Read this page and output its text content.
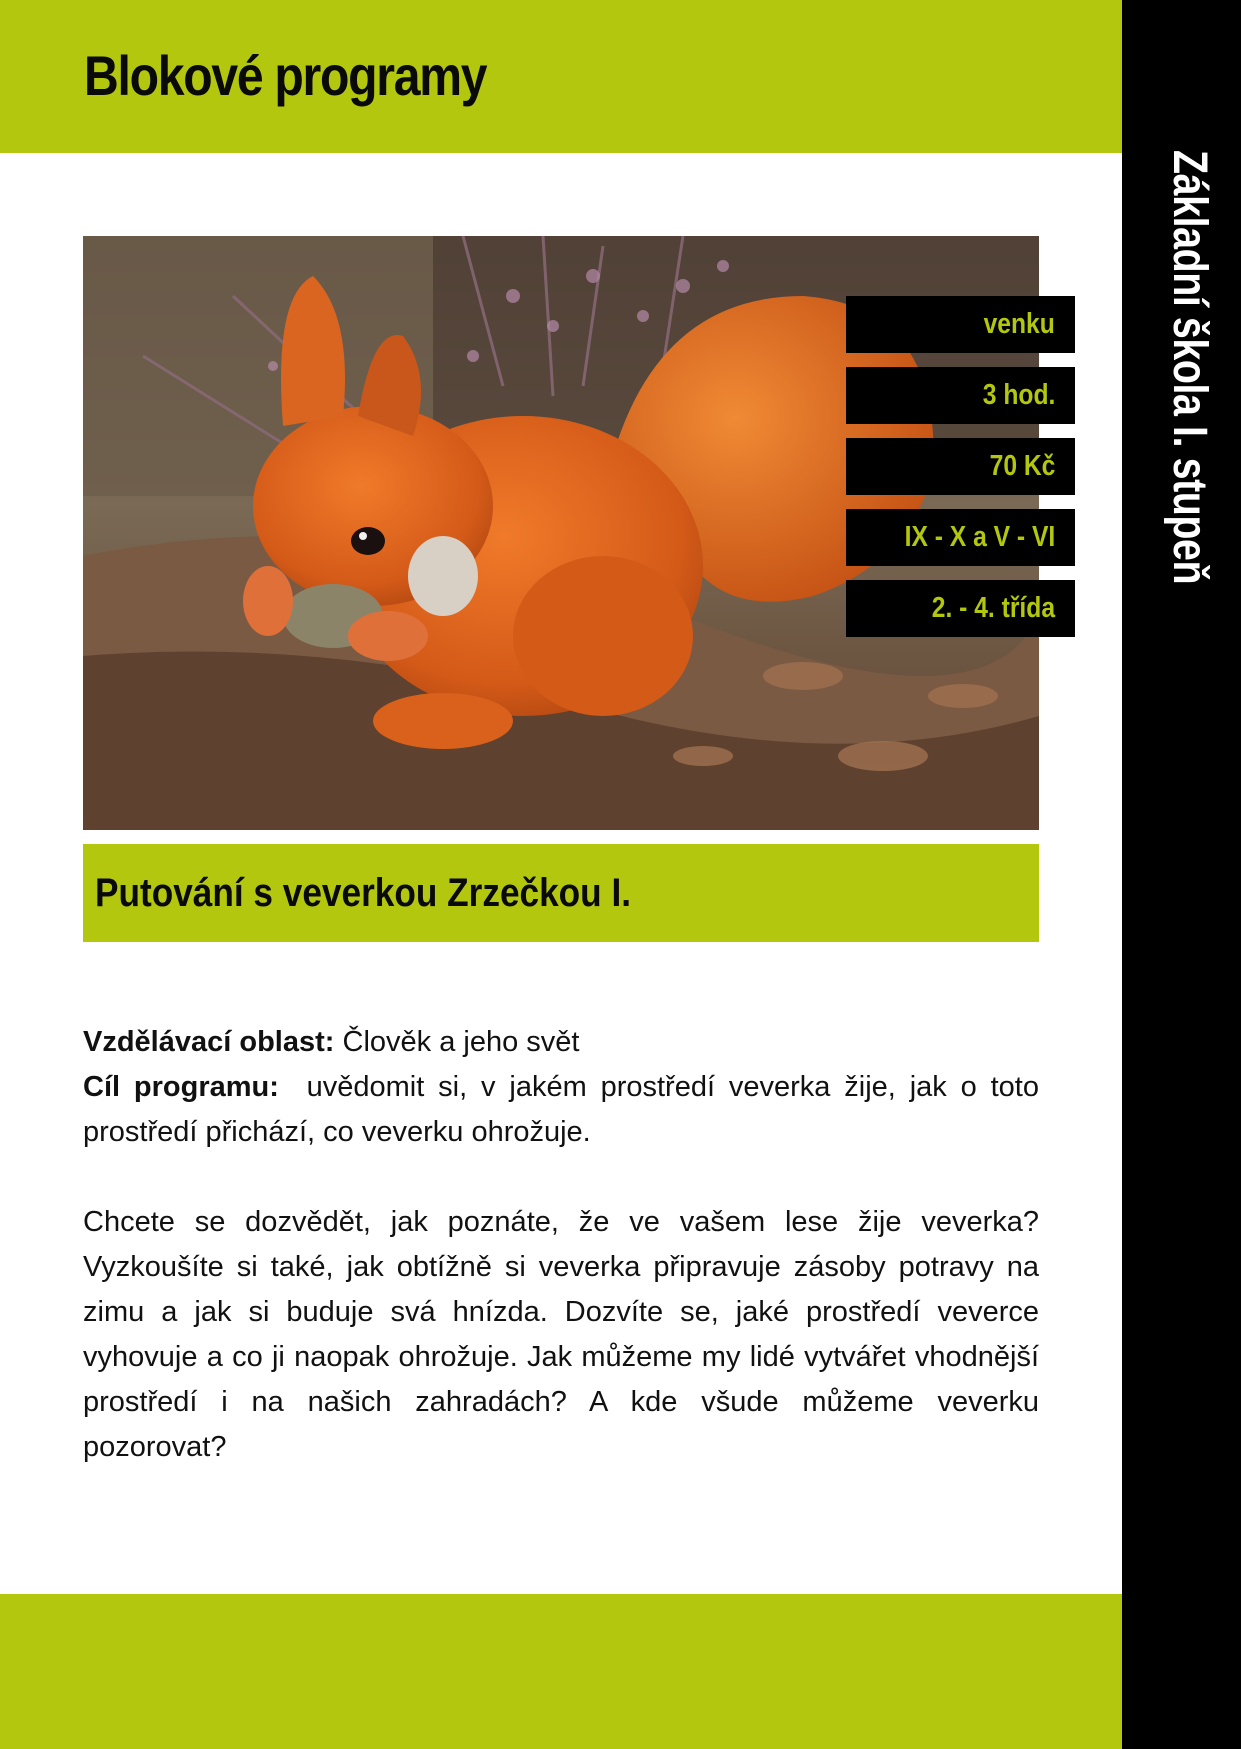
Blokové programy
Základní škola I. stupeň
venku
3 hod.
70 Kč
IX - X a V - VI
2. - 4. třída
Putování s veverkou Zrzečkou I.

Vzdělávací oblast: Člověk a jeho svět

Cíl programu: uvědomit si, v jakém prostředí veverka žije, jak o toto prostředí přichází, co veverku ohrožuje.

Chcete se dozvědět, jak poznáte, že ve vašem lese žije veverka? Vyzkoušíte si také, jak obtížně si veverka připravuje zásoby potravy na zimu a jak si buduje svá hnízda. Dozvíte se, jaké prostředí veverce vyhovuje a co ji naopak ohrožuje. Jak můžeme my lidé vytvářet vhodnější prostředí i na našich zahradách? A kde všude můžeme veverku pozorovat?
